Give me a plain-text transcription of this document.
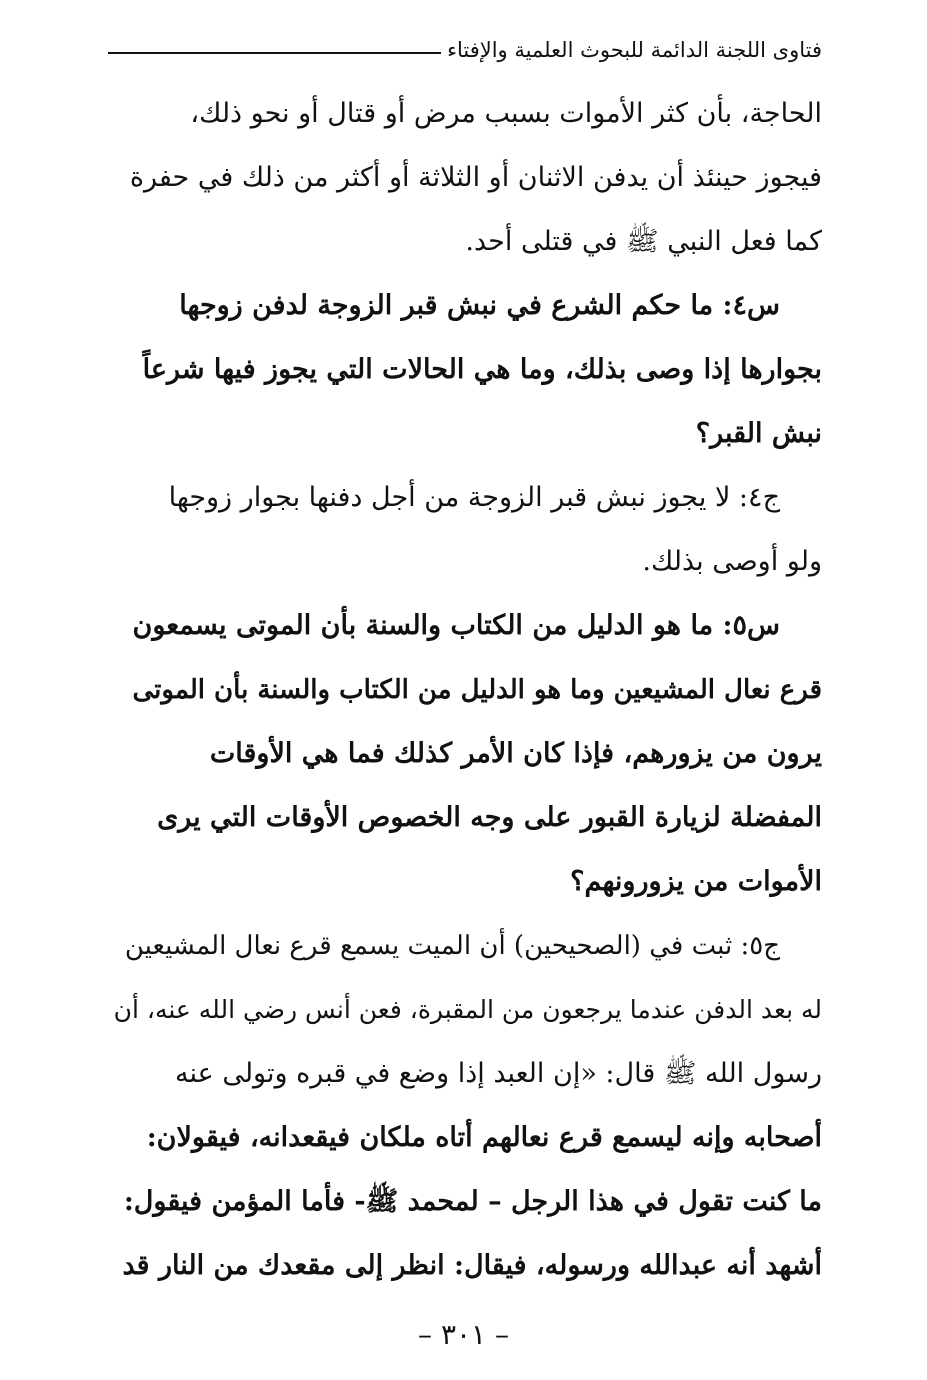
فتاوى اللجنة الدائمة للبحوث العلمية والإفتاء
الحاجة، بأن كثر الأموات بسبب مرض أو قتال أو نحو ذلك،
فيجوز حينئذ أن يدفن الاثنان أو الثلاثة أو أكثر من ذلك في حفرة
كما فعل النبي ﷺ في قتلى أحد.
س٤: ما حكم الشرع في نبش قبر الزوجة لدفن زوجها
بجوارها إذا وصى بذلك، وما هي الحالات التي يجوز فيها شرعاً
نبش القبر؟
ج٤: لا يجوز نبش قبر الزوجة من أجل دفنها بجوار زوجها
ولو أوصى بذلك.
س٥: ما هو الدليل من الكتاب والسنة بأن الموتى يسمعون
قرع نعال المشيعين وما هو الدليل من الكتاب والسنة بأن الموتى
يرون من يزورهم، فإذا كان الأمر كذلك فما هي الأوقات
المفضلة لزيارة القبور على وجه الخصوص الأوقات التي يرى
الأموات من يزورونهم؟
ج٥: ثبت في (الصحيحين) أن الميت يسمع قرع نعال المشيعين
له بعد الدفن عندما يرجعون من المقبرة، فعن أنس رضي الله عنه، أن
رسول الله ﷺ قال: «إن العبد إذا وضع في قبره وتولى عنه
أصحابه وإنه ليسمع قرع نعالهم أتاه ملكان فيقعدانه، فيقولان:
ما كنت تقول في هذا الرجل – لمحمد ﷺ- فأما المؤمن فيقول:
أشهد أنه عبدالله ورسوله، فيقال: انظر إلى مقعدك من النار قد
– ٣٠١ –
